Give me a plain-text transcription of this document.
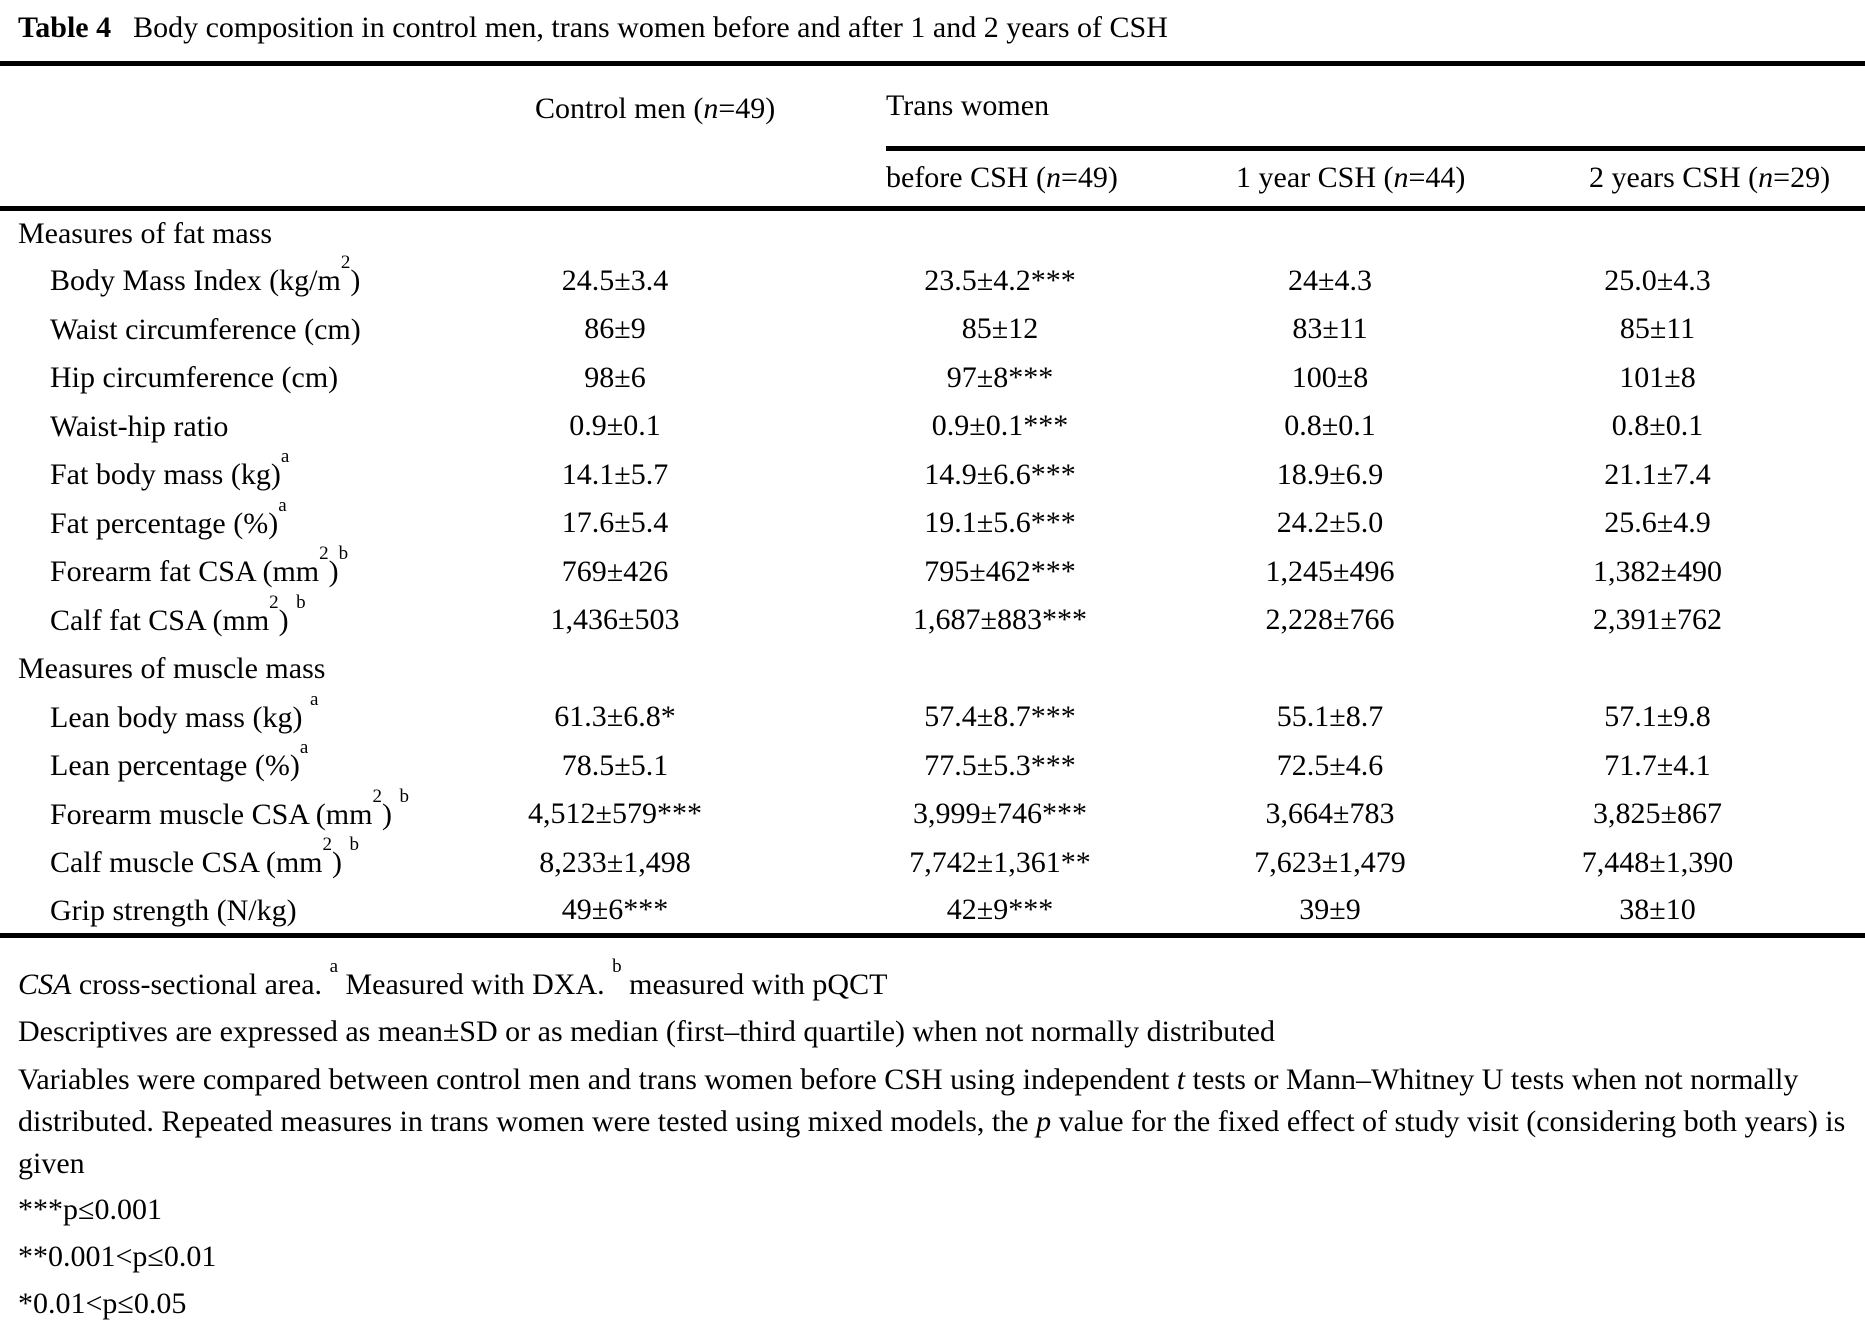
Table 4 Body composition in control men, trans women before and after 1 and 2 years of CSH
	Control men (n=49)	Trans women		

		before CSH (n=49)	1 year CSH (n=44)	2 years CSH (n=29)
Measures of fat mass				
Body Mass Index $(kg/m^2)$	24.5±3.4	23.5±4.2***	24±4.3	25.0±4.3
Waist circumference (cm)	86±9	85±12	83±11	85±11
Hip circumference (cm)	98±6	97±8***	100±8	101±8
Waist-hip ratio	0.9±0.1	0.9±0.1***	0.8±0.1	0.8±0.1
Fat body mass (kg)$^a$	14.1±5.7	14.9±6.6***	18.9±6.9	21.1±7.4
Fat percentage (%)$^a$	17.6±5.4	19.1±5.6***	24.2±5.0	25.6±4.9
Forearm fat CSA $(mm^2)^b$	769±426	795±462***	1,245±496	1,382±490
Calf fat CSA $(mm^2)$ $^b$	1,436±503	1,687±883***	2,228±766	2,391±762
Measures of muscle mass				
Lean body mass (kg) $^a$	61.3±6.8*	57.4±8.7***	55.1±8.7	57.1±9.8
Lean percentage (%)$^a$	78.5±5.1	77.5±5.3***	72.5±4.6	71.7±4.1
Forearm muscle CSA $(mm^2)$ $^b$	4,512±579***	3,999±746***	3,664±783	3,825±867
Calf muscle CSA $(mm^2)$ $^b$	8,233±1,498	7,742±1,361**	7,623±1,479	7,448±1,390
Grip strength (N/kg)	49±6***	42±9***	39±9	38±10
CSA cross-sectional area. $^a$ Measured with DXA. $^b$ measured with pQCT
Descriptives are expressed as mean±SD or as median (first–third quartile) when not normally distributed
Variables were compared between control men and trans women before CSH using independent t tests or Mann–Whitney U tests when not normally distributed. Repeated measures in trans women were tested using mixed models, the p value for the fixed effect of study visit (considering both years) is given
***p≤0.001
**0.001<p≤0.01
*0.01<p≤0.05
